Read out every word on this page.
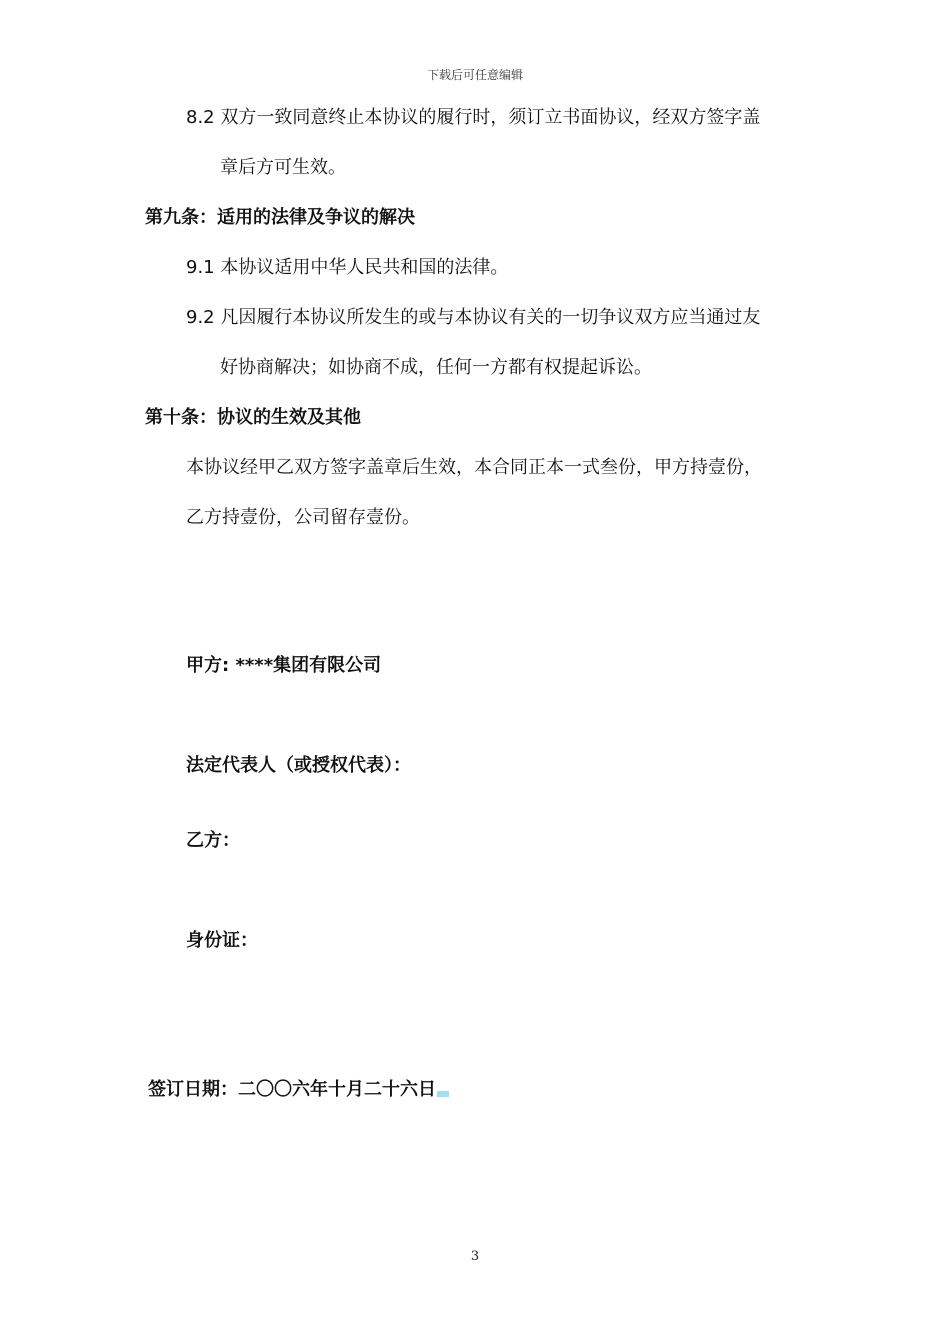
下载后可任意编辑
8.2 双方一致同意终止本协议的履行时，须订立书面协议，经双方签字盖
章后方可生效。
第九条：适用的法律及争议的解决
9.1 本协议适用中华人民共和国的法律。
9.2 凡因履行本协议所发生的或与本协议有关的一切争议双方应当通过友
好协商解决；如协商不成，任何一方都有权提起诉讼。
第十条：协议的生效及其他
本协议经甲乙双方签字盖章后生效，本合同正本一式叁份，甲方持壹份，
乙方持壹份，公司留存壹份。
甲方: ****集团有限公司
法定代表人（或授权代表）：
乙方：
身份证：
签订日期：二〇〇六年十月二十六日
3
